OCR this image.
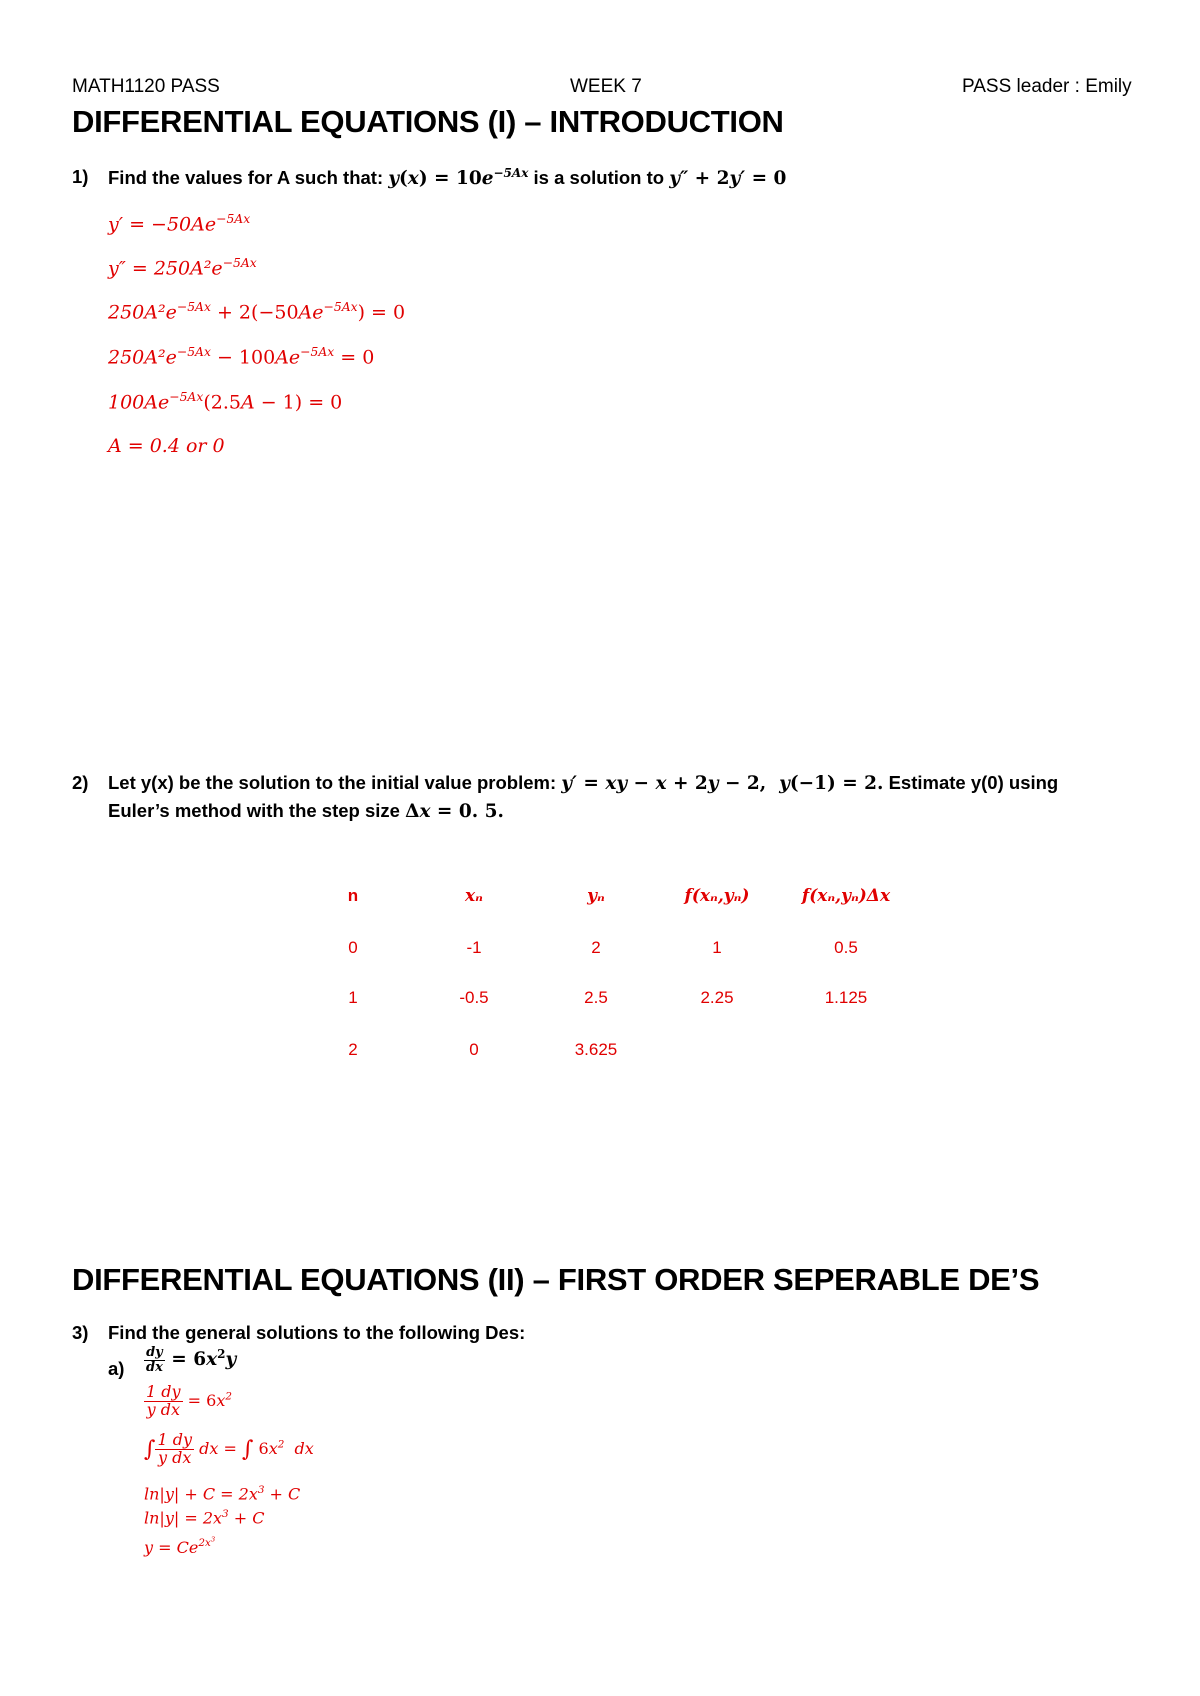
MATH1120 PASS	WEEK 7	PASS leader : Emily
DIFFERENTIAL EQUATIONS (I) – INTRODUCTION
1) Find the values for A such that: $y(x) = 10e^{-5Ax}$ is a solution to y″ + 2y′ = 0
$y' = -50Ae^{-5Ax}$
$y'' = 250A^2e^{-5Ax}$
$250A^2e^{-5Ax} + 2(-50Ae^{-5Ax}) = 0$
$250A^2e^{-5Ax} - 100Ae^{-5Ax} = 0$
$100Ae^{-5Ax}(2.5A - 1) = 0$
A = 0.4 or 0
2) Let y(x) be the solution to the initial value problem: y′ = xy − x + 2y − 2,  y(−1) = 2. Estimate y(0) using
Euler’s method with the step size Δx = 0. 5.
n	xₙ	yₙ	f(xₙ,yₙ)	f(xₙ,yₙ)Δx
0	-1	2	1	0.5
1	-0.5	2.5	2.25	1.125
2	0	3.625
DIFFERENTIAL EQUATIONS (II) – FIRST ORDER SEPERABLE DE’S
3) Find the general solutions to the following Des:
$a) \frac{dy}{dx} = 6x^2y$
$\frac{1 dy}{\text{y dx}} = 6x^2$
∫ $\frac{1 dy}{\text{y dx}}$ dx = ∫ $6x^2$  dx
$\ln|y| + C = 2x^3 + C$
$\ln|y| = 2x^3 + C$
$y = Ce^{2x^3}$
